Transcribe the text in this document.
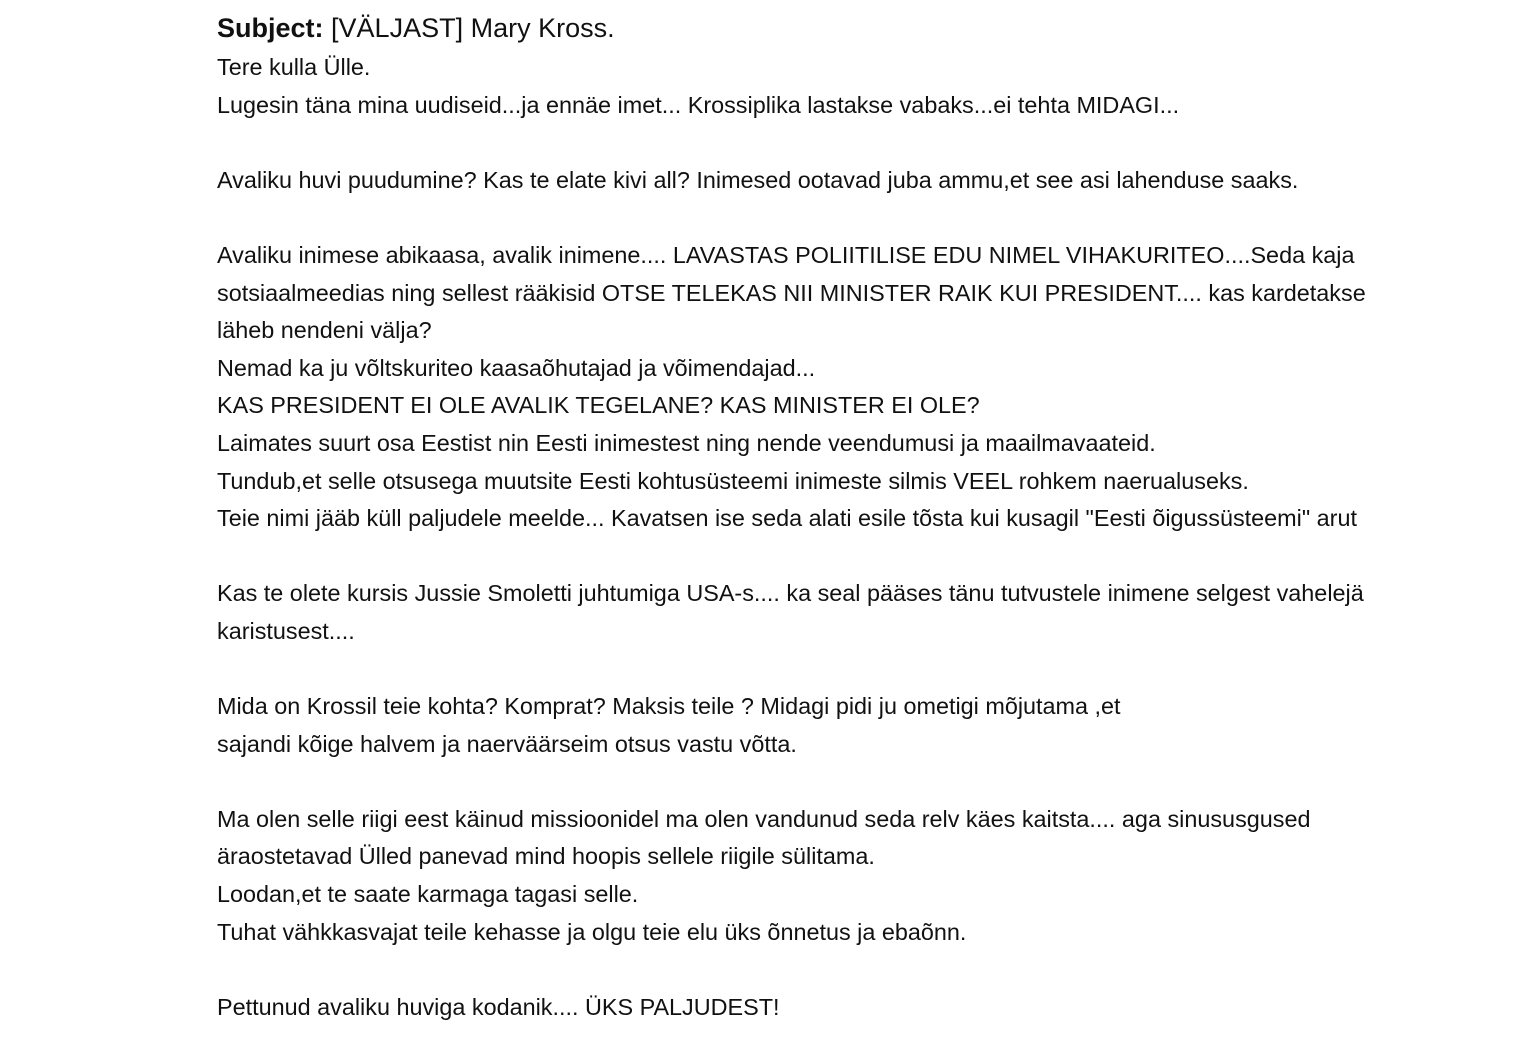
Subject: [VÄLJAST] Mary Kross.
Tere kulla Ülle.
Lugesin täna mina uudiseid...ja ennäe imet... Krossiplika lastakse vabaks...ei tehta MIDAGI...
Avaliku huvi puudumine? Kas te elate kivi all? Inimesed ootavad juba ammu,et see asi lahenduse saaks.
Avaliku inimese abikaasa, avalik inimene.... LAVASTAS POLIITILISE EDU NIMEL VIHAKURITEO....Seda kaja
sotsiaalmeedias ning sellest rääkisid OTSE TELEKAS NII MINISTER RAIK KUI PRESIDENT.... kas kardetakse
läheb nendeni välja?
Nemad ka ju võltskuriteo kaasaõhutajad ja võimendajad...
KAS PRESIDENT EI OLE AVALIK TEGELANE? KAS MINISTER EI OLE?
Laimates suurt osa Eestist nin Eesti inimestest ning nende veendumusi ja maailmavaateid.
Tundub,et selle otsusega muutsite Eesti kohtusüsteemi inimeste silmis VEEL rohkem naerualuseks.
Teie nimi jääb küll paljudele meelde... Kavatsen ise seda alati esile tõsta kui kusagil "Eesti õigussüsteemi" arut
Kas te olete kursis Jussie Smoletti juhtumiga USA-s.... ka seal pääses tänu tutvustele inimene selgest vahelejä
karistusest....
Mida on Krossil teie kohta? Komprat? Maksis teile ? Midagi pidi ju ometigi mõjutama ,et
sajandi kõige halvem ja naerväärseim otsus vastu võtta.
Ma olen selle riigi eest käinud missioonidel ma olen vandunud seda relv käes kaitsta.... aga sinususgused
äraostetavad Ülled panevad mind hoopis sellele riigile sülitama.
Loodan,et te saate karmaga tagasi selle.
Tuhat vähkkasvajat teile kehasse ja olgu teie elu üks õnnetus ja ebaõnn.
Pettunud avaliku huviga kodanik.... ÜKS PALJUDEST!
